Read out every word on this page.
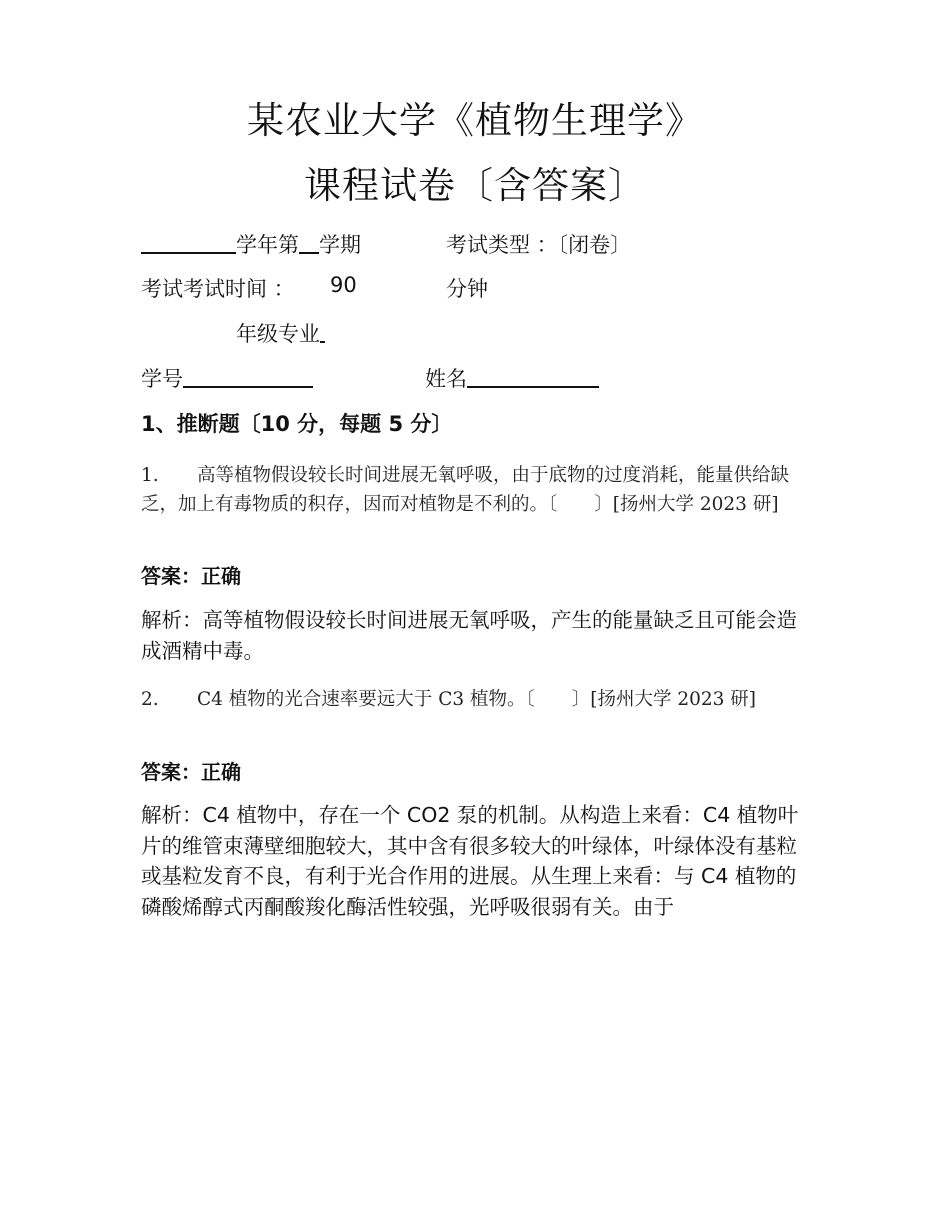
某农业大学《植物生理学》
课程试卷〔含答案〕
学年第 学期	考试类型 ：〔闭卷〕
考试考试时间 ： 90	分钟
年级专业
学号	姓名
1、推断题〔10 分，每题 5 分〕
1. 高等植物假设较长时间进展无氧呼吸，由于底物的过度消耗，能量供给缺乏，加上有毒物质的积存，因而对植物是不利的。〔　　〕[扬州大学 2023 研]
答案：正确
解析：高等植物假设较长时间进展无氧呼吸，产生的能量缺乏且可能会造成酒精中毒。
2. C4 植物的光合速率要远大于 C3 植物。〔　　〕[扬州大学 2023 研]
答案：正确
解析：C4 植物中，存在一个 CO2 泵的机制。从构造上来看：C4 植物叶片的维管束薄壁细胞较大，其中含有很多较大的叶绿体，叶绿体没有基粒或基粒发育不良，有利于光合作用的进展。从生理上来看：与 C4 植物的磷酸烯醇式丙酮酸羧化酶活性较强，光呼吸很弱有关。由于
